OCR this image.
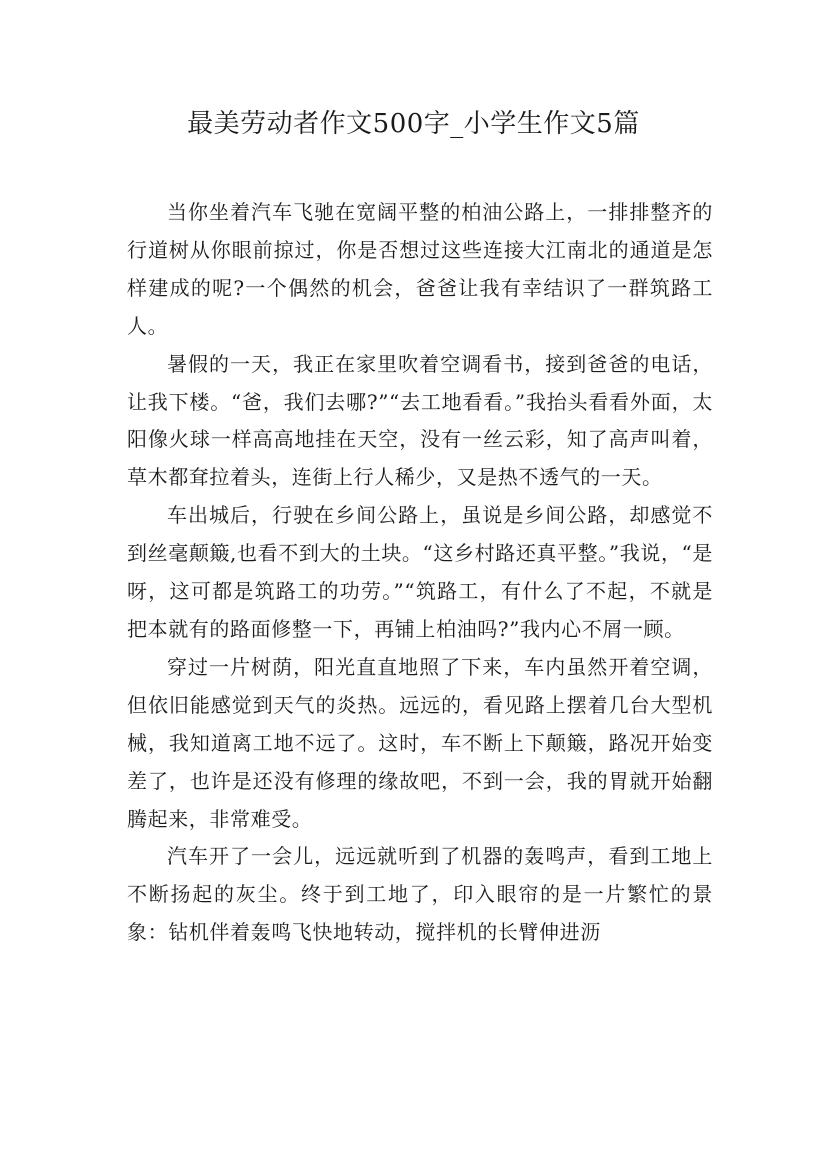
最美劳动者作文500字_小学生作文5篇

当你坐着汽车飞驰在宽阔平整的柏油公路上，一排排整齐的行道树从你眼前掠过，你是否想过这些连接大江南北的通道是怎样建成的呢?一个偶然的机会，爸爸让我有幸结识了一群筑路工人。

暑假的一天，我正在家里吹着空调看书，接到爸爸的电话，让我下楼。“爸，我们去哪?”“去工地看看。”我抬头看看外面，太阳像火球一样高高地挂在天空，没有一丝云彩，知了高声叫着，草木都耷拉着头，连街上行人稀少，又是热不透气的一天。

车出城后，行驶在乡间公路上，虽说是乡间公路，却感觉不到丝毫颠簸,也看不到大的土块。“这乡村路还真平整。”我说，“是呀，这可都是筑路工的功劳。”“筑路工，有什么了不起，不就是把本就有的路面修整一下，再铺上柏油吗?”我内心不屑一顾。

穿过一片树荫，阳光直直地照了下来，车内虽然开着空调，但依旧能感觉到天气的炎热。远远的，看见路上摆着几台大型机械，我知道离工地不远了。这时，车不断上下颠簸，路况开始变差了，也许是还没有修理的缘故吧，不到一会，我的胃就开始翻腾起来，非常难受。

汽车开了一会儿，远远就听到了机器的轰鸣声，看到工地上不断扬起的灰尘。终于到工地了，印入眼帘的是一片繁忙的景象：钻机伴着轰鸣飞快地转动，搅拌机的长臂伸进沥
